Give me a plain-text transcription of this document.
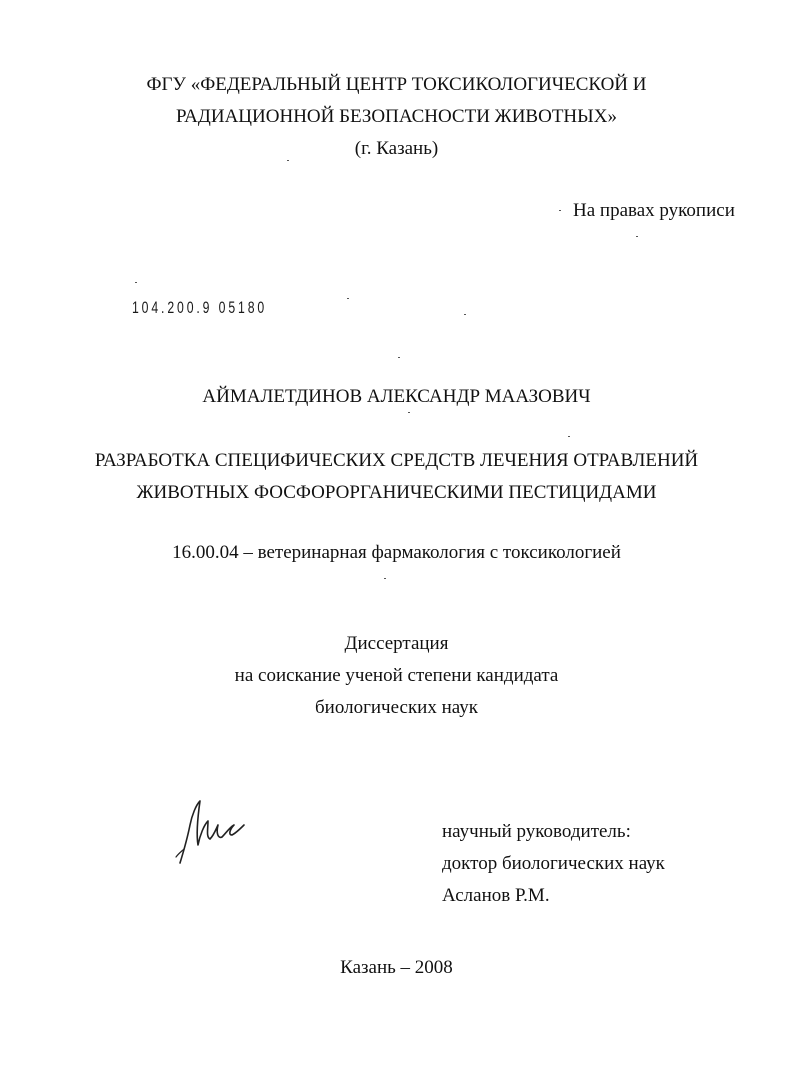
ФГУ «ФЕДЕРАЛЬНЫЙ ЦЕНТР ТОКСИКОЛОГИЧЕСКОЙ И
РАДИАЦИОННОЙ БЕЗОПАСНОСТИ ЖИВОТНЫХ»
(г. Казань)
На правах рукописи
104.200.9 05180
АЙМАЛЕТДИНОВ АЛЕКСАНДР МААЗОВИЧ
РАЗРАБОТКА СПЕЦИФИЧЕСКИХ СРЕДСТВ ЛЕЧЕНИЯ ОТРАВЛЕНИЙ
ЖИВОТНЫХ ФОСФОРОРГАНИЧЕСКИМИ ПЕСТИЦИДАМИ
16.00.04 – ветеринарная фармакология с токсикологией
Диссертация
на соискание ученой степени кандидата
биологических наук
научный руководитель:
доктор биологических наук
Асланов Р.М.
Казань – 2008
